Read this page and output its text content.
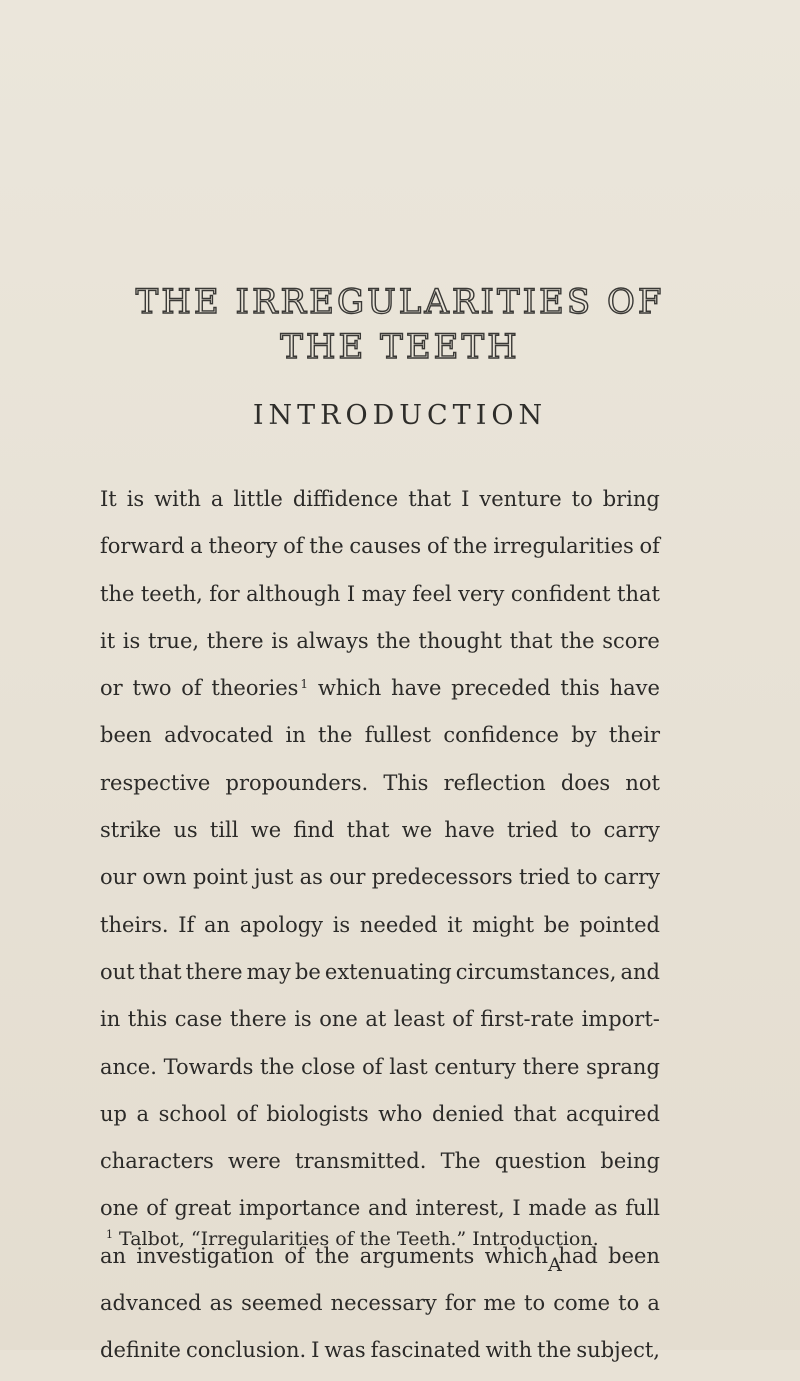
THE IRREGULARITIES OF
THE TEETH
INTRODUCTION
It is with a little diffidence that I venture to bring
forward a theory of the causes of the irregularities of
the teeth, for although I may feel very confident that
it is true, there is always the thought that the score
or two of theories $^1$ which have preceded this have
been advocated in the fullest confidence by their
respective propounders. This reflection does not
strike us till we find that we have tried to carry
our own point just as our predecessors tried to carry
theirs. If an apology is needed it might be pointed
out that there may be extenuating circumstances, and
in this case there is one at least of first-rate import-
ance. Towards the close of last century there sprang
up a school of biologists who denied that acquired
characters were transmitted. The question being
one of great importance and interest, I made as full
an investigation of the arguments which had been
advanced as seemed necessary for me to come to a
definite conclusion. I was fascinated with the subject,

$^1$ Talbot, “Irregularities of the Teeth.” Introduction.

A
